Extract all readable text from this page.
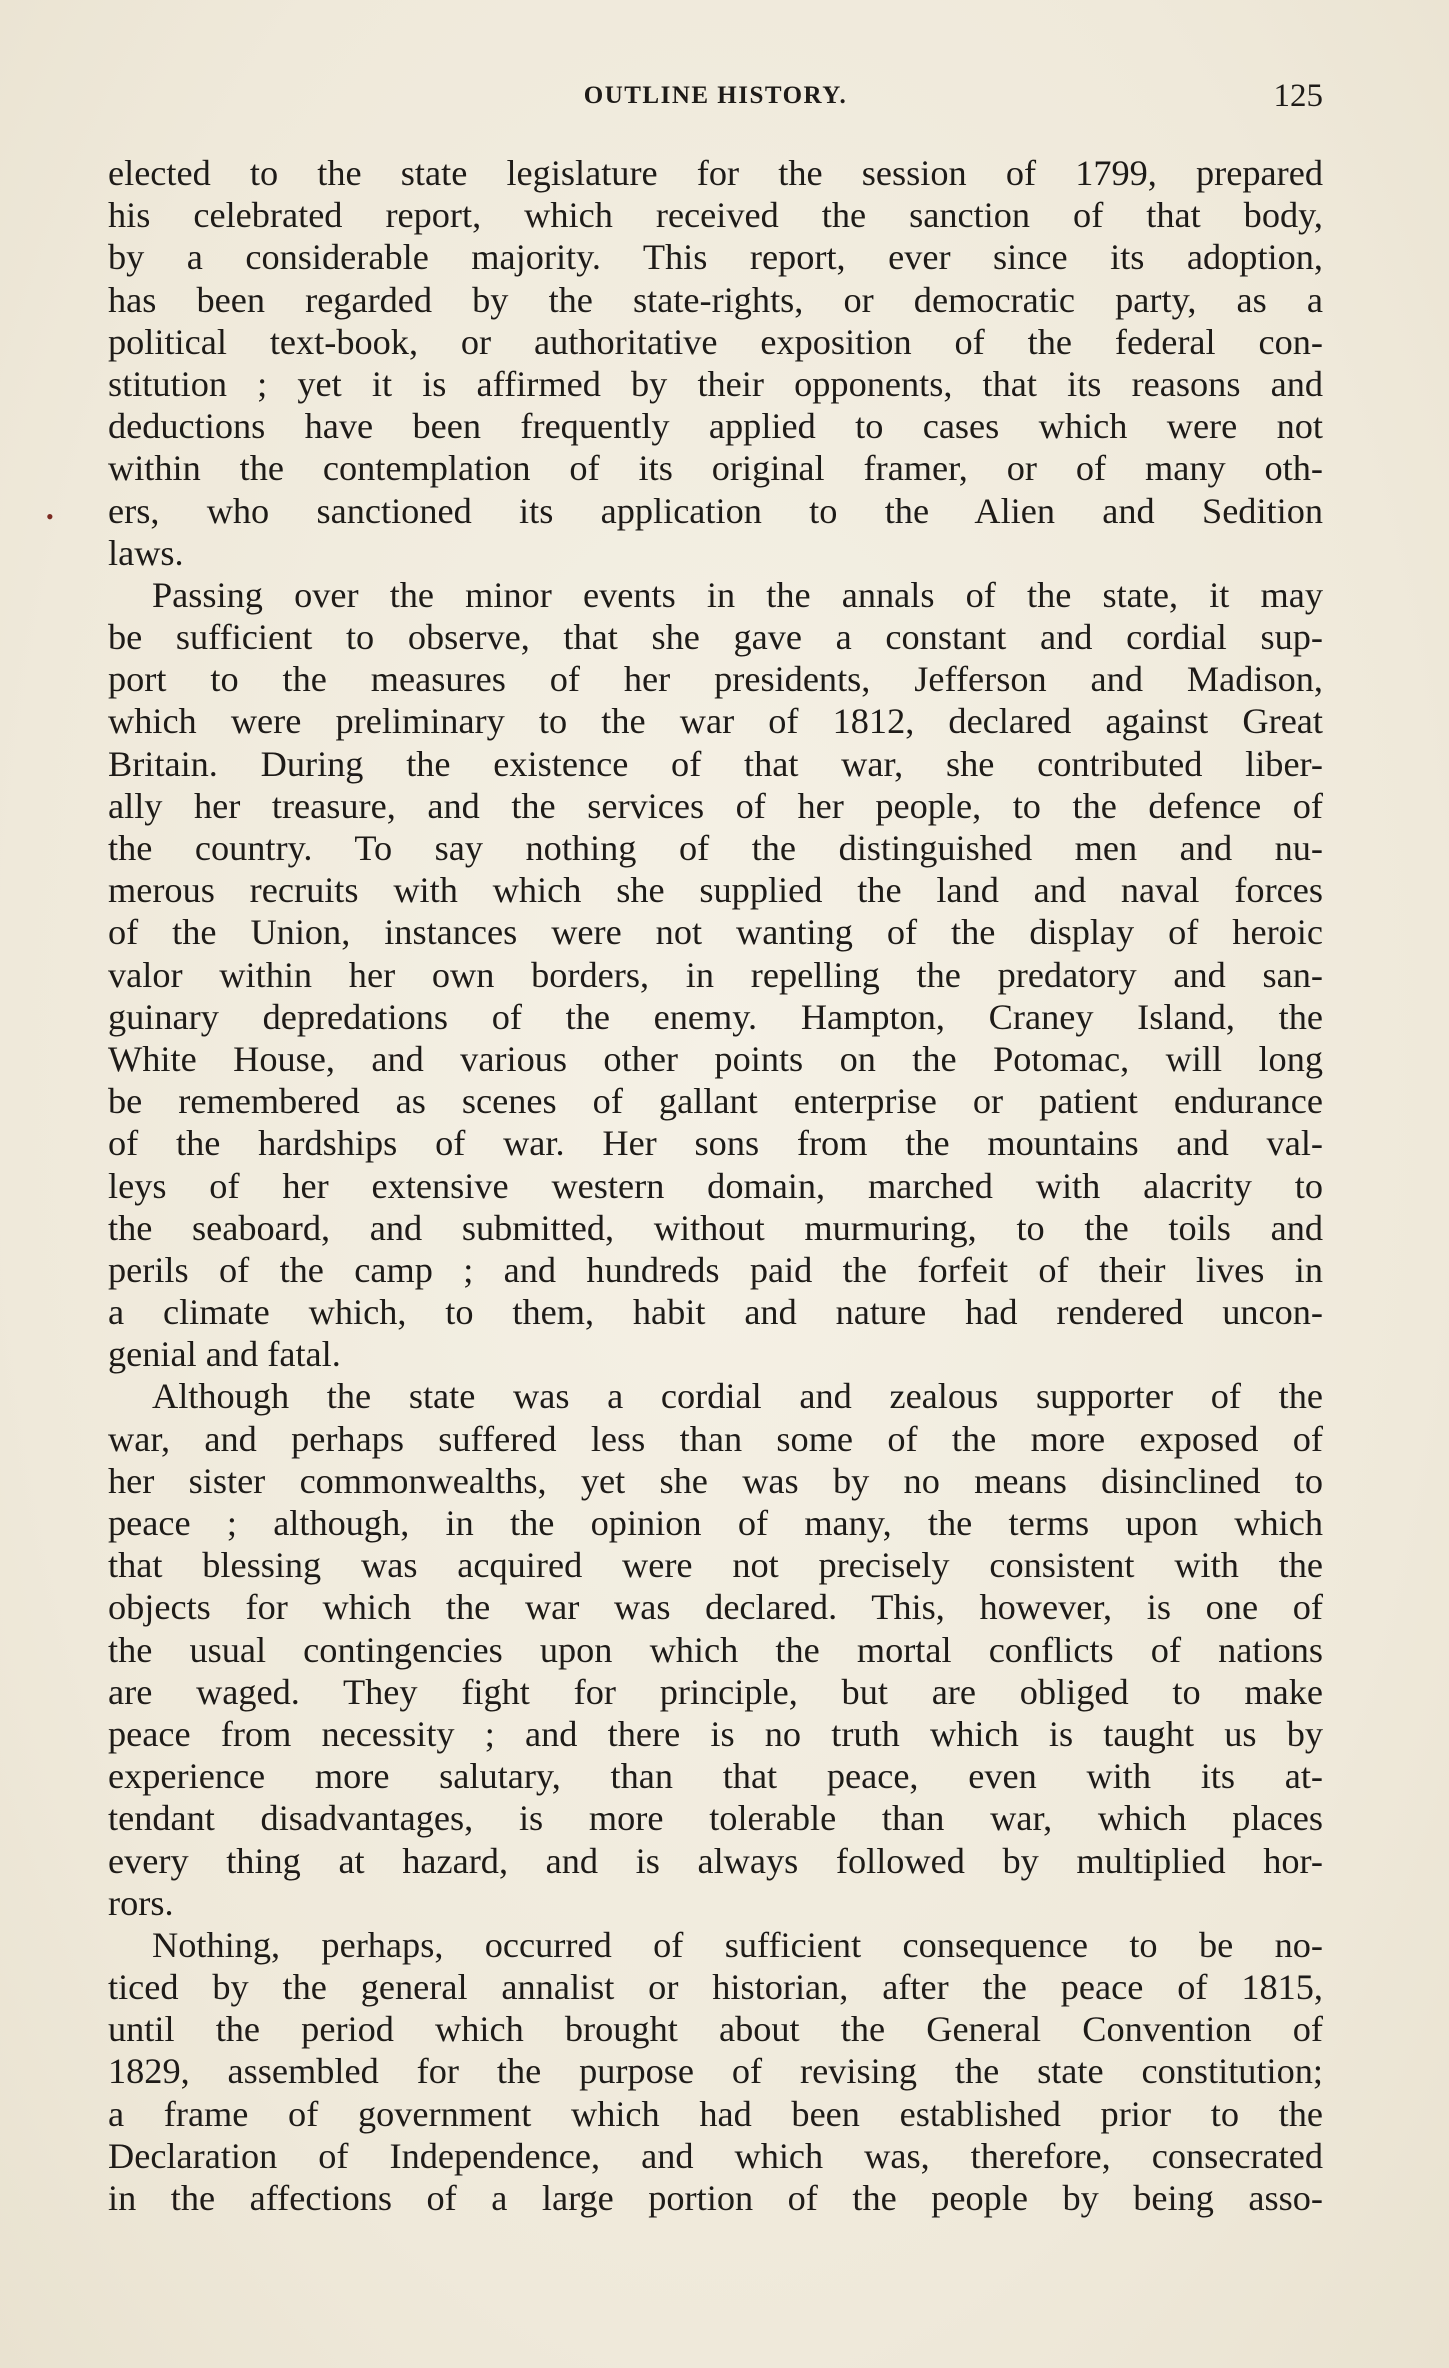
OUTLINE HISTORY.	125
•
elected to the state legislature for the session of 1799, prepared
his celebrated report, which received the sanction of that body,
by a considerable majority. This report, ever since its adoption,
has been regarded by the state-rights, or democratic party, as a
political text-book, or authoritative exposition of the federal con-
stitution ; yet it is affirmed by their opponents, that its reasons and
deductions have been frequently applied to cases which were not
within the contemplation of its original framer, or of many oth-
ers, who sanctioned its application to the Alien and Sedition
laws.
Passing over the minor events in the annals of the state, it may
be sufficient to observe, that she gave a constant and cordial sup-
port to the measures of her presidents, Jefferson and Madison,
which were preliminary to the war of 1812, declared against Great
Britain. During the existence of that war, she contributed liber-
ally her treasure, and the services of her people, to the defence of
the country. To say nothing of the distinguished men and nu-
merous recruits with which she supplied the land and naval forces
of the Union, instances were not wanting of the display of heroic
valor within her own borders, in repelling the predatory and san-
guinary depredations of the enemy. Hampton, Craney Island, the
White House, and various other points on the Potomac, will long
be remembered as scenes of gallant enterprise or patient endurance
of the hardships of war. Her sons from the mountains and val-
leys of her extensive western domain, marched with alacrity to
the seaboard, and submitted, without murmuring, to the toils and
perils of the camp ; and hundreds paid the forfeit of their lives in
a climate which, to them, habit and nature had rendered uncon-
genial and fatal.
Although the state was a cordial and zealous supporter of the
war, and perhaps suffered less than some of the more exposed of
her sister commonwealths, yet she was by no means disinclined to
peace ; although, in the opinion of many, the terms upon which
that blessing was acquired were not precisely consistent with the
objects for which the war was declared. This, however, is one of
the usual contingencies upon which the mortal conflicts of nations
are waged. They fight for principle, but are obliged to make
peace from necessity ; and there is no truth which is taught us by
experience more salutary, than that peace, even with its at-
tendant disadvantages, is more tolerable than war, which places
every thing at hazard, and is always followed by multiplied hor-
rors.
Nothing, perhaps, occurred of sufficient consequence to be no-
ticed by the general annalist or historian, after the peace of 1815,
until the period which brought about the General Convention of
1829, assembled for the purpose of revising the state constitution;
a frame of government which had been established prior to the
Declaration of Independence, and which was, therefore, consecrated
in the affections of a large portion of the people by being asso-
